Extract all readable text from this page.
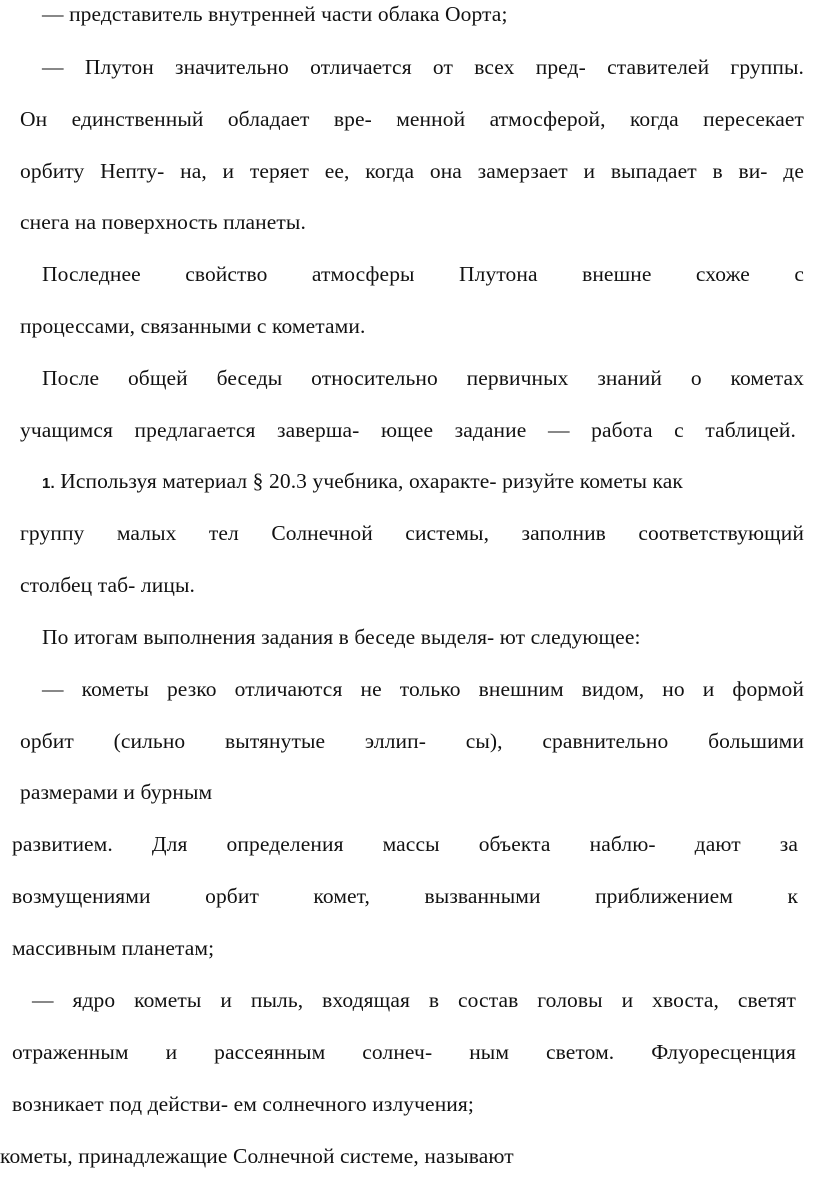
— представитель внутренней части облака Оорта;
— Плутон значительно отличается от всех пред- ставителей группы.
Он единственный обладает вре- менной атмосферой, когда пересекает
орбиту Непту- на, и теряет ее, когда она замерзает и выпадает в ви- де
снега на поверхность планеты.
Последнее свойство атмосферы Плутона внешне схоже с
процессами, связанными с кометами.
После общей беседы относительно первичных знаний о кометах
учащимся предлагается заверша- ющее задание — работа с таблицей.
1. Используя материал § 20.3 учебника, охаракте- ризуйте кометы как
группу малых тел Солнечной системы, заполнив соответствующий
столбец таб- лицы.
По итогам выполнения задания в беседе выделя- ют следующее:
— кометы резко отличаются не только внешним видом, но и формой
орбит (сильно вытянутые эллип- сы), сравнительно большими
размерами и бурным
развитием. Для определения массы объекта наблю- дают за
возмущениями орбит комет, вызванными приближением к
массивным планетам;
— ядро кометы и пыль, входящая в состав головы и хвоста, светят
отраженным и рассеянным солнеч- ным светом. Флуоресценция
возникает под действи- ем солнечного излучения;
кометы, принадлежащие Солнечной системе, называют
